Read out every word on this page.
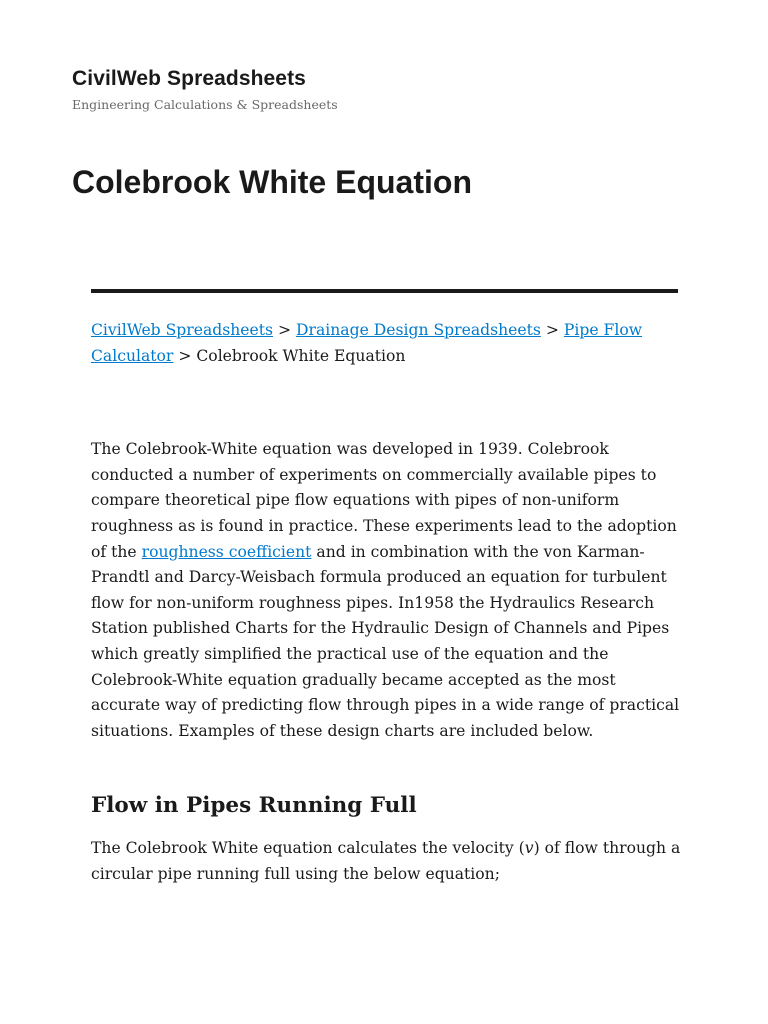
CivilWeb Spreadsheets
Engineering Calculations & Spreadsheets
Colebrook White Equation

CivilWeb Spreadsheets > Drainage Design Spreadsheets > Pipe Flow Calculator > Colebrook White Equation

The Colebrook-White equation was developed in 1939. Colebrook conducted a number of experiments on commercially available pipes to compare theoretical pipe flow equations with pipes of non-uniform roughness as is found in practice. These experiments lead to the adoption of the roughness coefficient and in combination with the von Karman-Prandtl and Darcy-Weisbach formula produced an equation for turbulent flow for non-uniform roughness pipes. In1958 the Hydraulics Research Station published Charts for the Hydraulic Design of Channels and Pipes which greatly simplified the practical use of the equation and the Colebrook-White equation gradually became accepted as the most accurate way of predicting flow through pipes in a wide range of practical situations. Examples of these design charts are included below.

Flow in Pipes Running Full

The Colebrook White equation calculates the velocity (v) of flow through a circular pipe running full using the below equation;
